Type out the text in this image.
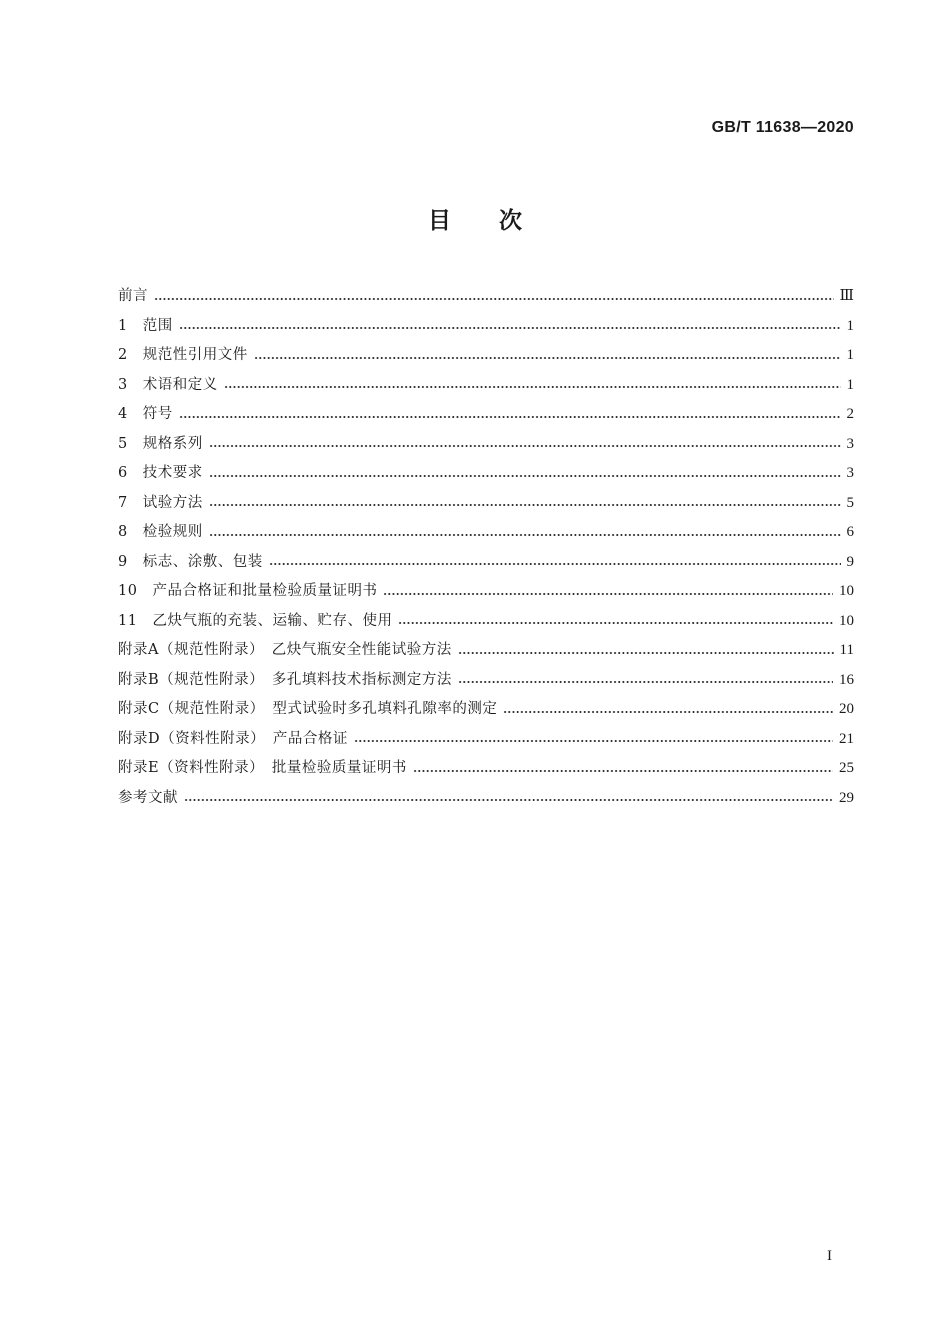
GB/T 11638—2020
目次
前言	Ⅲ
1　范围	1
2　规范性引用文件	1
3　术语和定义	1
4　符号	2
5　规格系列	3
6　技术要求	3
7　试验方法	5
8　检验规则	6
9　标志、涂敷、包装	9
10　产品合格证和批量检验质量证明书	10
11　乙炔气瓶的充装、运输、贮存、使用	10
附录A（规范性附录）　乙炔气瓶安全性能试验方法	11
附录B（规范性附录）　多孔填料技术指标测定方法	16
附录C（规范性附录）　型式试验时多孔填料孔隙率的测定	20
附录D（资料性附录）　产品合格证	21
附录E（资料性附录）　批量检验质量证明书	25
参考文献	29
I
